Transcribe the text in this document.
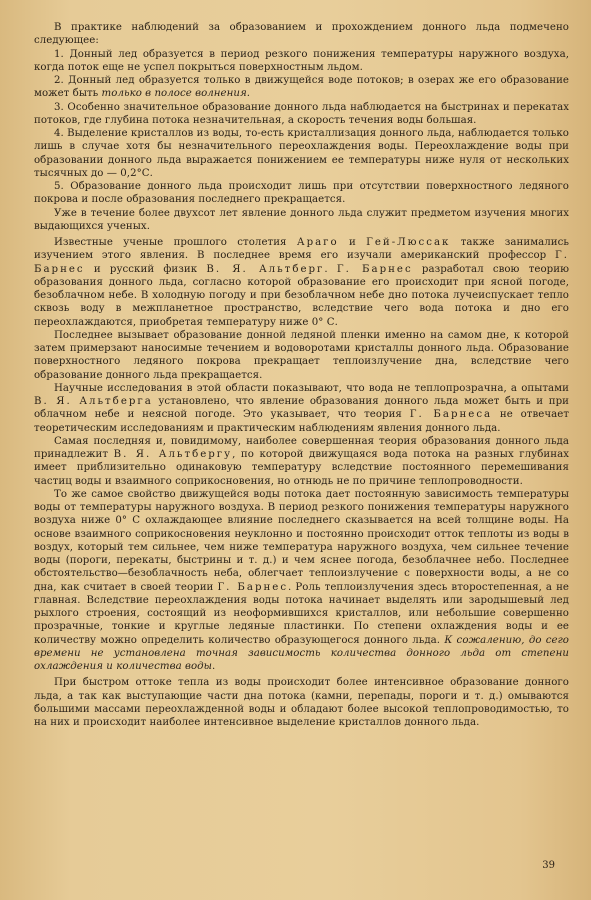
В практике наблюдений за образованием и прохождением донного льда подмечено следующее:

1. Донный лед образуется в период резкого понижения температуры наружного воздуха, когда поток еще не успел покрыться поверхностным льдом.

2. Донный лед образуется только в движущейся воде потоков; в озерах же его образование может быть только в полосе волнения.

3. Особенно значительное образование донного льда наблюдается на быстринах и перекатах потоков, где глубина потока незначительная, а скорость течения воды большая.

4. Выделение кристаллов из воды, то-есть кристаллизация донного льда, наблюдается только лишь в случае хотя бы незначительного переохлаждения воды. Переохлаждение воды при образовании донного льда выражается понижением ее температуры ниже нуля от нескольких тысячных до — 0,2°С.

5. Образование донного льда происходит лишь при отсутствии поверхностного ледяного покрова и после образования последнего прекращается.

Уже в течение более двухсот лет явление донного льда служит предметом изучения многих выдающихся ученых.

Известные ученые прошлого столетия Араго и Гей-Люссак также занимались изучением этого явления. В последнее время его изучали американский профессор Г. Барнес и русский физик В. Я. Альтберг. Г. Барнес разработал свою теорию образования донного льда, согласно которой образование его происходит при ясной погоде, безоблачном небе. В холодную погоду и при безоблачном небе дно потока лучеиспускает тепло сквозь воду в межпланетное пространство, вследствие чего вода потока и дно его переохлаждаются, приобретая температуру ниже 0° С.

Последнее вызывает образование донной ледяной пленки именно на самом дне, к которой затем примерзают наносимые течением и водоворотами кристаллы донного льда. Образование поверхностного ледяного покрова прекращает теплоизлучение дна, вследствие чего образование донного льда прекращается.

Научные исследования в этой области показывают, что вода не теплопрозрачна, а опытами В. Я. Альтберга установлено, что явление образования донного льда может быть и при облачном небе и неясной погоде. Это указывает, что теория Г. Барнеса не отвечает теоретическим исследованиям и практическим наблюдениям явления донного льда.

Самая последняя и, повидимому, наиболее совершенная теория образования донного льда принадлежит В. Я. Альтбергу, по которой движущаяся вода потока на разных глубинах имеет приблизительно одинаковую температуру вследствие постоянного перемешивания частиц воды и взаимного соприкосновения, но отнюдь не по причине теплопроводности.

То же самое свойство движущейся воды потока дает постоянную зависимость температуры воды от температуры наружного воздуха. В период резкого понижения температуры наружного воздуха ниже 0° С охлаждающее влияние последнего сказывается на всей толщине воды. На основе взаимного соприкосновения неуклонно и постоянно происходит отток теплоты из воды в воздух, который тем сильнее, чем ниже температура наружного воздуха, чем сильнее течение воды (пороги, перекаты, быстрины и т. д.) и чем яснее погода, безоблачнее небо. Последнее обстоятельство—безоблачность неба, облегчает теплоизлучение с поверхности воды, а не со дна, как считает в своей теории Г. Барнес. Роль теплоизлучения здесь второстепенная, а не главная. Вследствие переохлаждения воды потока начинает выделять или зародышевый лед рыхлого строения, состоящий из неоформившихся кристаллов, или небольшие совершенно прозрачные, тонкие и круглые ледяные пластинки. По степени охлаждения воды и ее количеству можно определить количество образующегося донного льда. К сожалению, до сего времени не установлена точная зависимость количества донного льда от степени охлаждения и количества воды.

При быстром оттоке тепла из воды происходит более интенсивное образование донного льда, а так как выступающие части дна потока (камни, перепады, пороги и т. д.) омываются большими массами переохлажденной воды и обладают более высокой теплопроводимостью, то на них и происходит наиболее интенсивное выделение кристаллов донного льда.

39
